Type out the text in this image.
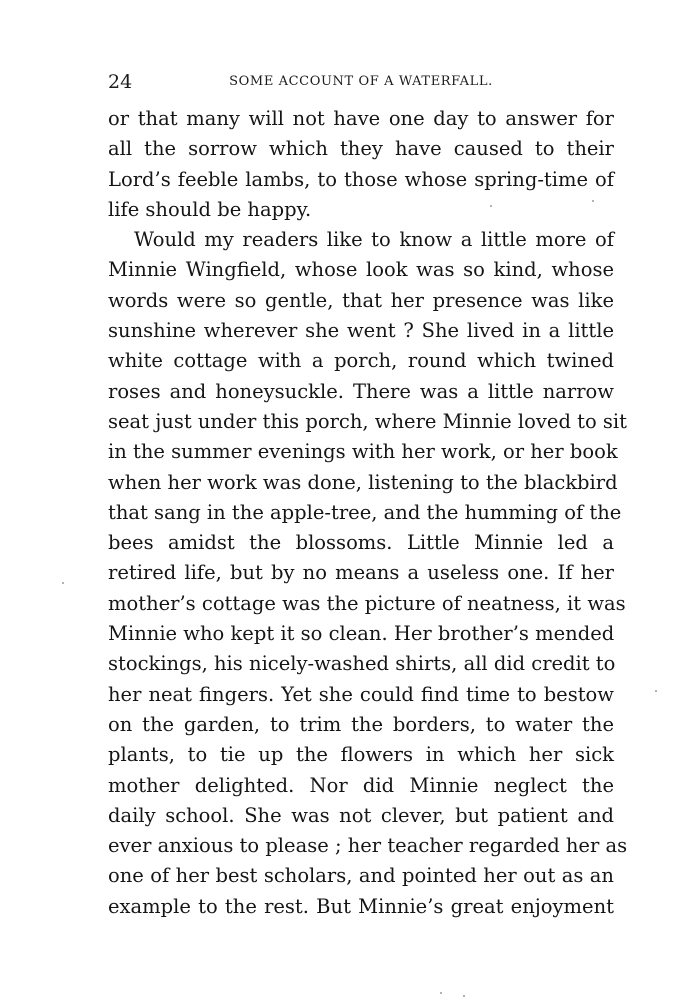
24	SOME ACCOUNT OF A WATERFALL.
or that many will not have one day to answer for
all the sorrow which they have caused to their
Lord’s feeble lambs, to those whose spring-time of
life should be happy.
Would my readers like to know a little more of
Minnie Wingfield, whose look was so kind, whose
words were so gentle, that her presence was like
sunshine wherever she went ? She lived in a little
white cottage with a porch, round which twined
roses and honeysuckle. There was a little narrow
seat just under this porch, where Minnie loved to sit
in the summer evenings with her work, or her book
when her work was done, listening to the blackbird
that sang in the apple-tree, and the humming of the
bees amidst the blossoms. Little Minnie led a
retired life, but by no means a useless one. If her
mother’s cottage was the picture of neatness, it was
Minnie who kept it so clean. Her brother’s mended
stockings, his nicely-washed shirts, all did credit to
her neat fingers. Yet she could find time to bestow
on the garden, to trim the borders, to water the
plants, to tie up the flowers in which her sick
mother delighted. Nor did Minnie neglect the
daily school. She was not clever, but patient and
ever anxious to please ; her teacher regarded her as
one of her best scholars, and pointed her out as an
example to the rest. But Minnie’s great enjoyment
